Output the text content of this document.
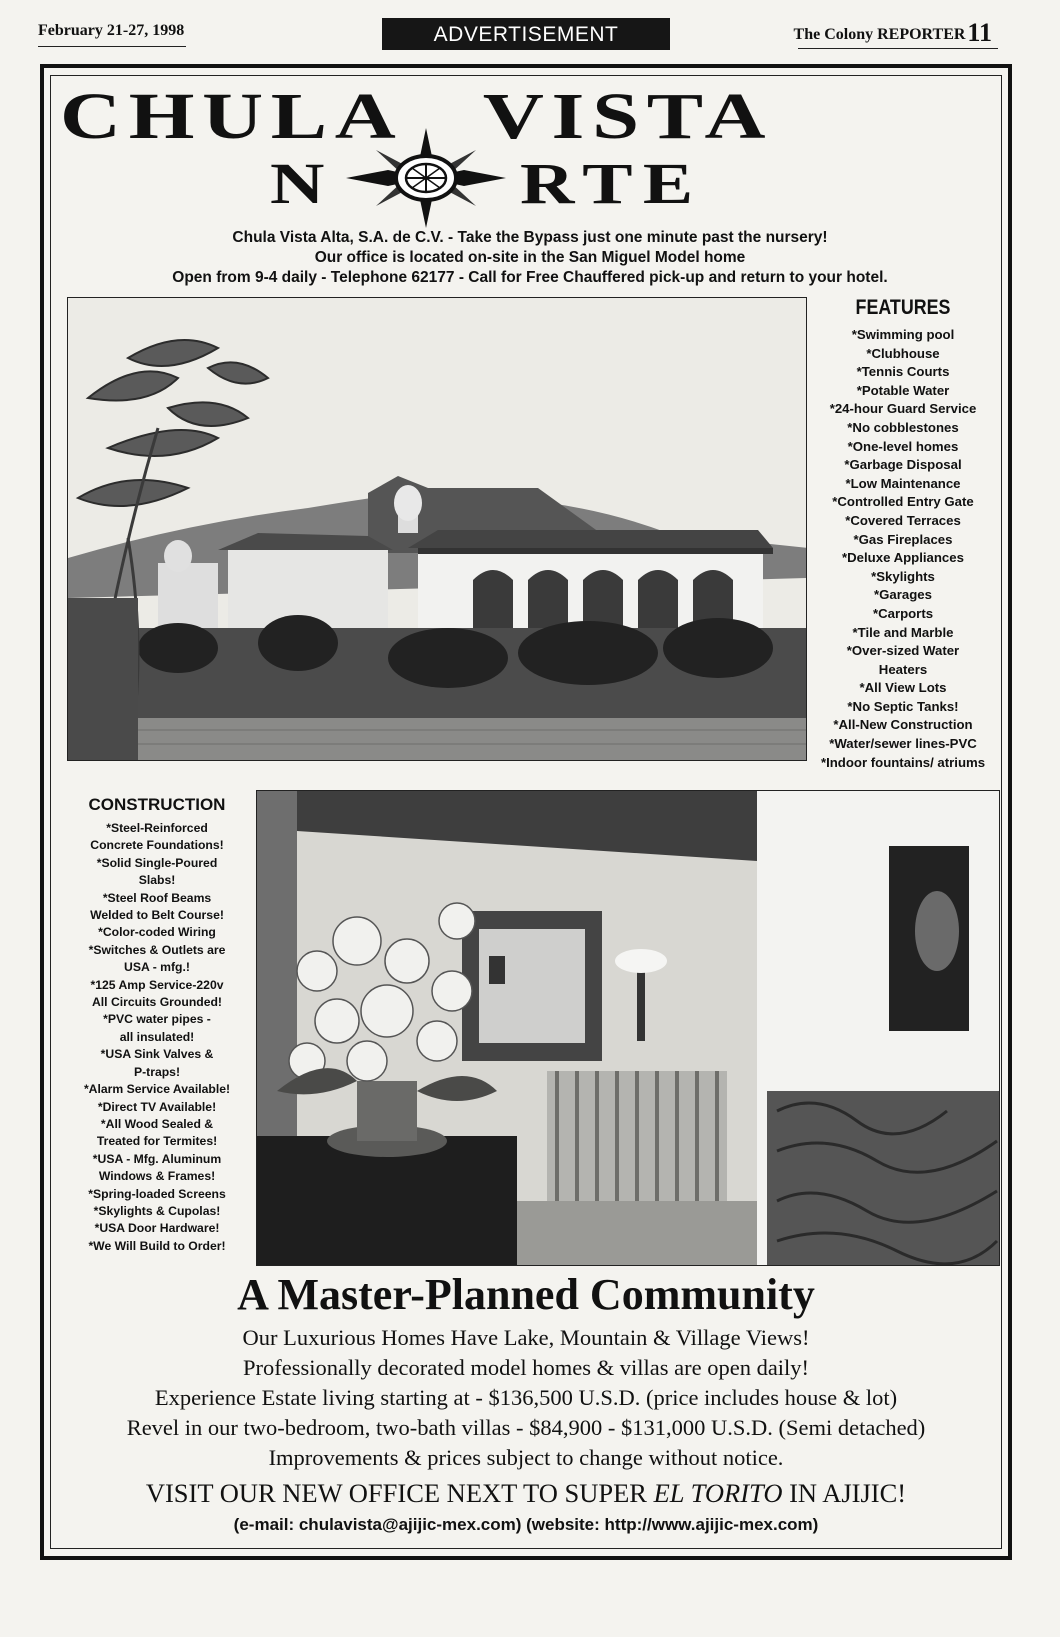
February 21-27, 1998	ADVERTISEMENT	The Colony REPORTER11
CHULA VISTA
N	RTE
Chula Vista Alta, S.A. de C.V. - Take the Bypass just one minute past the nursery!
Our office is located on-site in the San Miguel Model home
Open from 9-4 daily - Telephone 62177 - Call for Free Chauffered pick-up and return to your hotel.
FEATURES
*Swimming pool
*Clubhouse
*Tennis Courts
*Potable Water
*24-hour Guard Service
*No cobblestones
*One-level homes
*Garbage Disposal
*Low Maintenance
*Controlled Entry Gate
*Covered Terraces
*Gas Fireplaces
*Deluxe Appliances
*Skylights
*Garages
*Carports
*Tile and Marble
*Over-sized Water
Heaters
*All View Lots
*No Septic Tanks!
*All-New Construction
*Water/sewer lines-PVC
*Indoor fountains/ atriums
CONSTRUCTION
*Steel-Reinforced
Concrete Foundations!
*Solid Single-Poured
Slabs!
*Steel Roof Beams
Welded to Belt Course!
*Color-coded Wiring
*Switches & Outlets are
USA - mfg.!
*125 Amp Service-220v
All Circuits Grounded!
*PVC water pipes -
all insulated!
*USA Sink Valves &
P-traps!
*Alarm Service Available!
*Direct TV Available!
*All Wood Sealed &
Treated for Termites!
*USA - Mfg. Aluminum
Windows & Frames!
*Spring-loaded Screens
*Skylights & Cupolas!
*USA Door Hardware!
*We Will Build to Order!
A Master-Planned Community
Our Luxurious Homes Have Lake, Mountain & Village Views!
Professionally decorated model homes & villas are open daily!
Experience Estate living starting at - $136,500 U.S.D. (price includes house & lot)
Revel in our two-bedroom, two-bath villas - $84,900 - $131,000 U.S.D. (Semi detached)
Improvements & prices subject to change without notice.
VISIT OUR NEW OFFICE NEXT TO SUPER EL TORITO IN AJIJIC!
(e-mail: chulavista@ajijic-mex.com) (website: http://www.ajijic-mex.com)
